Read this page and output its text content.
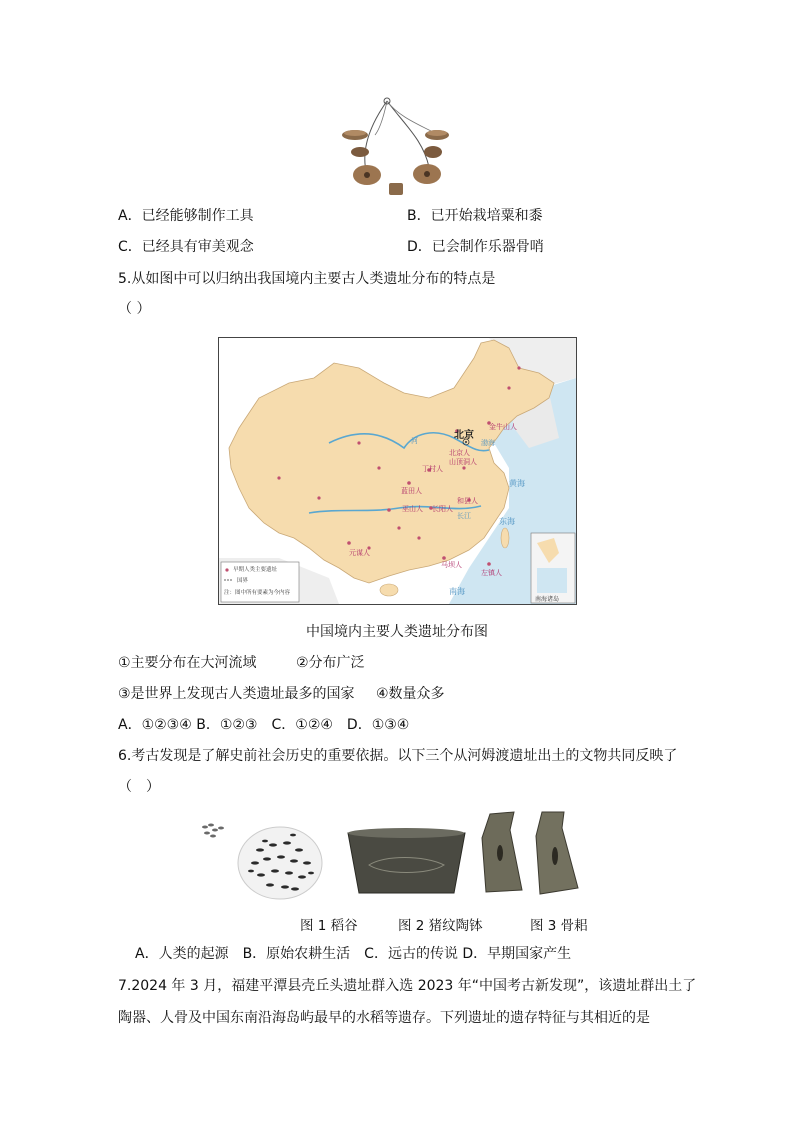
A．已经能够制作工具	B．已开始栽培粟和黍
C．已经具有审美观念	D．已会制作乐器骨哨
5.从如图中可以归纳出我国境内主要古人类遗址分布的特点是
（ ）
北京
金牛山人
北京人
山顶洞人
丁村人
蓝田人
和县人
长阳人
巫山人
元谋人
马坝人
左镇人
渤海
黄海
东海
南海
河
长江
南海诸岛
早期人类主要遗址
国界
注：图中所有要素为今内容
中国境内主要人类遗址分布图
①主要分布在大河流域	②分布广泛
③是世界上发现古人类遗址最多的国家 ④数量众多
A．①②③④ B．①②③　C．①②④　D．①③④
6.考古发现是了解史前社会历史的重要依据。以下三个从河姆渡遗址出土的文物共同反映了
（　）
图 1 稻谷	图 2 猪纹陶钵	图 3 骨耜
A．人类的起源　B．原始农耕生活　C．远古的传说 D．早期国家产生
7.2024 年 3 月，福建平潭县壳丘头遗址群入选 2023 年“中国考古新发现”，该遗址群出土了
陶器、人骨及中国东南沿海岛屿最早的水稻等遗存。下列遗址的遗存特征与其相近的是
